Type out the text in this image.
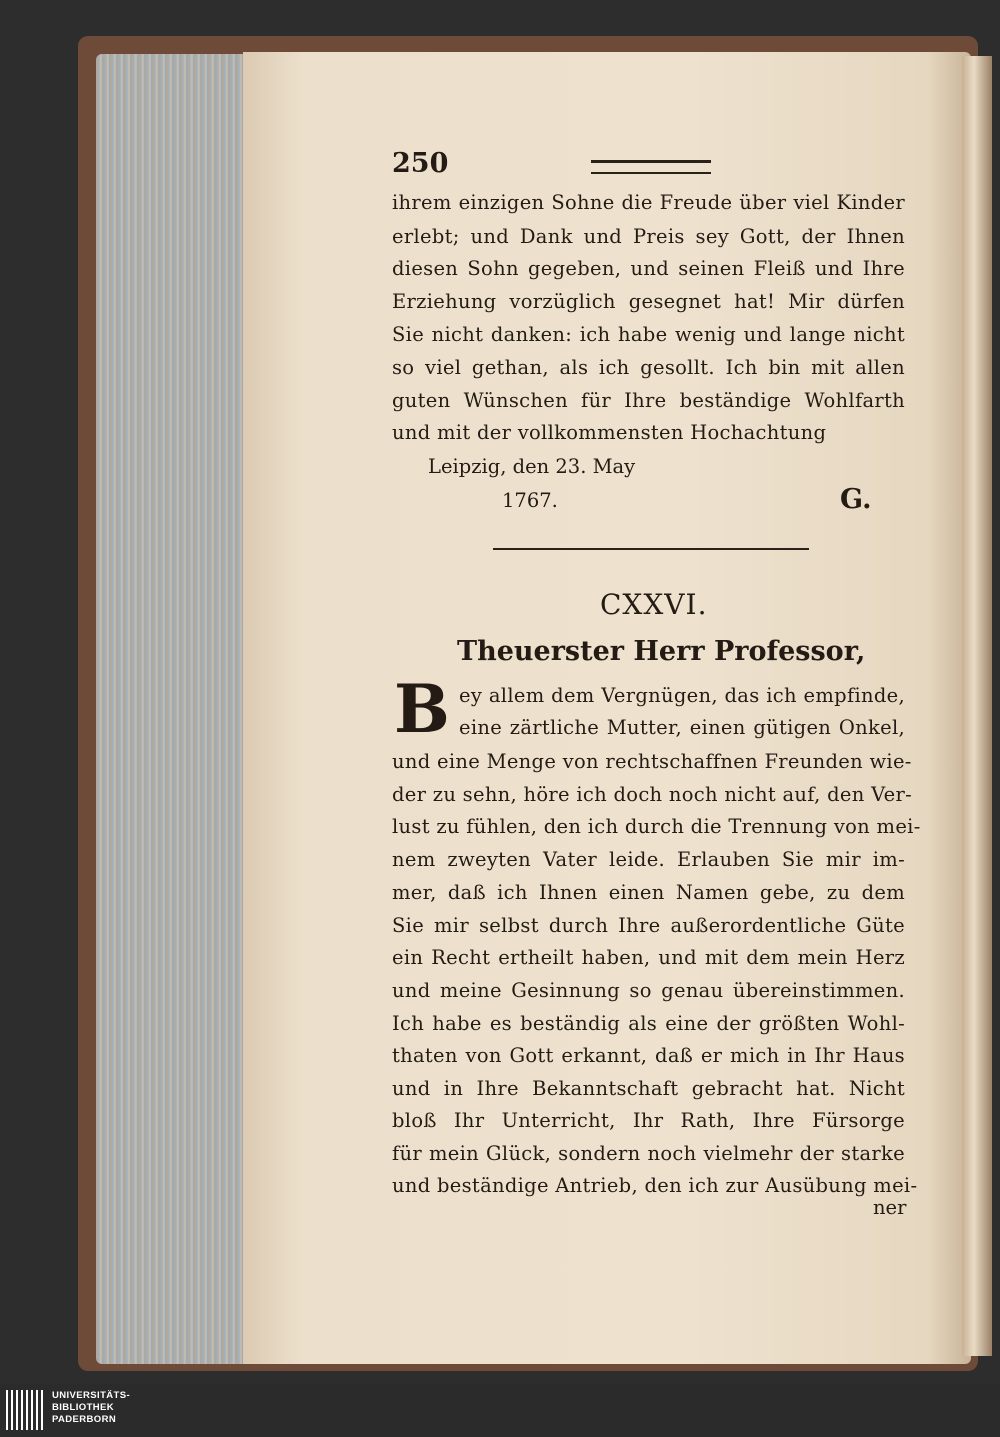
250
ihrem einzigen Sohne die Freude über viel Kinder
erlebt; und Dank und Preis sey Gott, der Ihnen
diesen Sohn gegeben, und seinen Fleiß und Ihre
Erziehung vorzüglich gesegnet hat! Mir dürfen
Sie nicht danken: ich habe wenig und lange nicht
so viel gethan, als ich gesollt. Ich bin mit allen
guten Wünschen für Ihre beständige Wohlfarth
und mit der vollkommensten Hochachtung
Leipzig, den 23. May
1767.	G.
CXXVI.
Theuerster Herr Professor,
B ey allem dem Vergnügen, das ich empfinde,
eine zärtliche Mutter, einen gütigen Onkel,
und eine Menge von rechtschaffnen Freunden wie-
der zu sehn, höre ich doch noch nicht auf, den Ver-
lust zu fühlen, den ich durch die Trennung von mei-
nem zweyten Vater leide. Erlauben Sie mir im-
mer, daß ich Ihnen einen Namen gebe, zu dem
Sie mir selbst durch Ihre außerordentliche Güte
ein Recht ertheilt haben, und mit dem mein Herz
und meine Gesinnung so genau übereinstimmen.
Ich habe es beständig als eine der größten Wohl-
thaten von Gott erkannt, daß er mich in Ihr Haus
und in Ihre Bekanntschaft gebracht hat. Nicht
bloß Ihr Unterricht, Ihr Rath, Ihre Fürsorge
für mein Glück, sondern noch vielmehr der starke
und beständige Antrieb, den ich zur Ausübung mei-
ner
UNIVERSITÄTS-
BIBLIOTHEK
PADERBORN
